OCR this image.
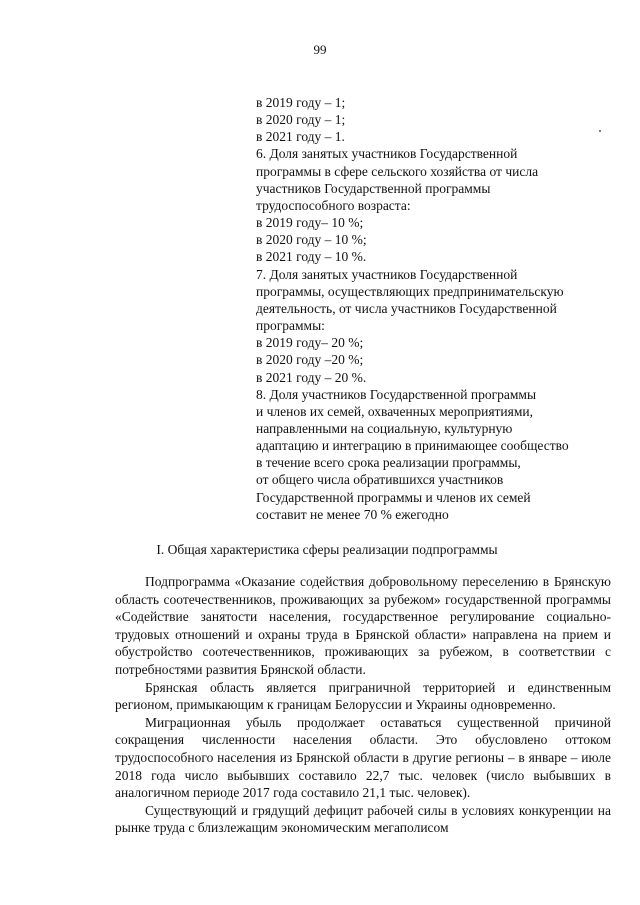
99
в 2019 году – 1;
в 2020 году – 1;
в 2021 году – 1.
6. Доля занятых участников Государственной
программы в сфере сельского хозяйства от числа
участников Государственной программы
трудоспособного возраста:
в 2019 году– 10 %;
в 2020 году – 10 %;
в 2021 году – 10 %.
7. Доля занятых участников Государственной
программы, осуществляющих предпринимательскую
деятельность, от числа участников Государственной
программы:
в 2019 году– 20 %;
в 2020 году –20 %;
в 2021 году – 20 %.
8. Доля участников Государственной программы
и членов их семей, охваченных мероприятиями,
направленными на социальную, культурную
адаптацию и интеграцию в принимающее сообщество
в течение всего срока реализации программы,
от общего числа обратившихся участников
Государственной программы и членов их семей
составит не менее 70 % ежегодно
I. Общая характеристика сферы реализации подпрограммы

Подпрограмма «Оказание содействия добровольному переселению в Брянскую область соотечественников, проживающих за рубежом» государственной программы «Содействие занятости населения, государственное регулирование социально-трудовых отношений и охраны труда в Брянской области» направлена на прием и обустройство соотечественников, проживающих за рубежом, в соответствии с потребностями развития Брянской области.

Брянская область является приграничной территорией и единственным регионом, примыкающим к границам Белоруссии и Украины одновременно.

Миграционная убыль продолжает оставаться существенной причиной сокращения численности населения области. Это обусловлено оттоком трудоспособного населения из Брянской области в другие регионы – в январе – июле 2018 года число выбывших составило 22,7 тыс. человек (число выбывших в аналогичном периоде 2017 года составило 21,1 тыс. человек).

Существующий и грядущий дефицит рабочей силы в условиях конкуренции на рынке труда с близлежащим экономическим мегаполисом
